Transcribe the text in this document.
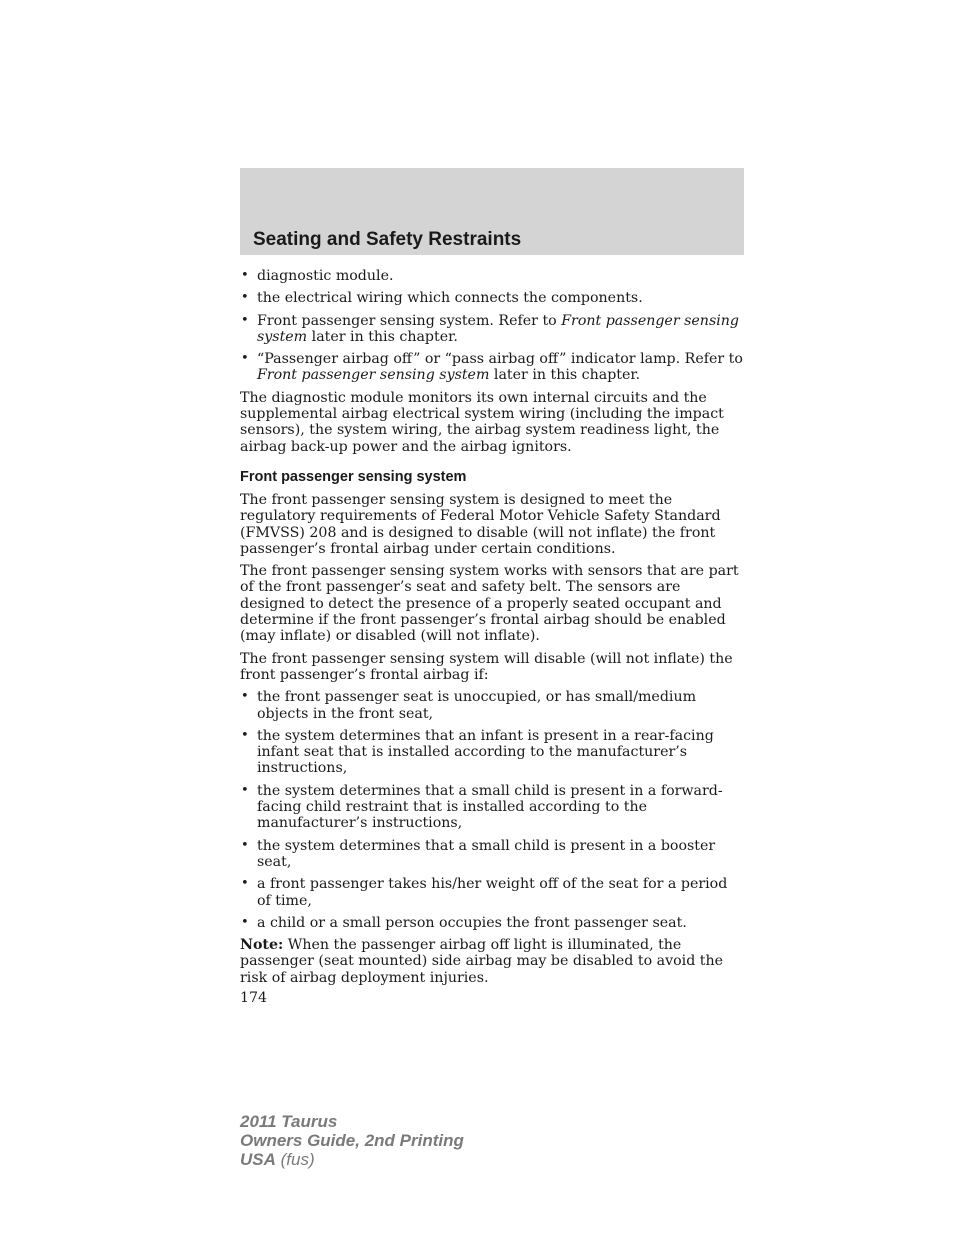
Seating and Safety Restraints
• diagnostic module.
• the electrical wiring which connects the components.
• Front passenger sensing system. Refer to Front passenger sensing system later in this chapter.
• “Passenger airbag off” or “pass airbag off” indicator lamp. Refer to Front passenger sensing system later in this chapter.

The diagnostic module monitors its own internal circuits and the supplemental airbag electrical system wiring (including the impact sensors), the system wiring, the airbag system readiness light, the airbag back-up power and the airbag ignitors.

Front passenger sensing system

The front passenger sensing system is designed to meet the regulatory requirements of Federal Motor Vehicle Safety Standard (FMVSS) 208 and is designed to disable (will not inflate) the front passenger’s frontal airbag under certain conditions.

The front passenger sensing system works with sensors that are part of the front passenger’s seat and safety belt. The sensors are designed to detect the presence of a properly seated occupant and determine if the front passenger’s frontal airbag should be enabled (may inflate) or disabled (will not inflate).

The front passenger sensing system will disable (will not inflate) the front passenger’s frontal airbag if:

• the front passenger seat is unoccupied, or has small/medium objects in the front seat,
• the system determines that an infant is present in a rear-facing infant seat that is installed according to the manufacturer’s instructions,
• the system determines that a small child is present in a forward-facing child restraint that is installed according to the manufacturer’s instructions,
• the system determines that a small child is present in a booster seat,
• a front passenger takes his/her weight off of the seat for a period of time,
• a child or a small person occupies the front passenger seat.

Note: When the passenger airbag off light is illuminated, the passenger (seat mounted) side airbag may be disabled to avoid the risk of airbag deployment injuries.

174
2011 Taurus
Owners Guide, 2nd Printing
USA (fus)
